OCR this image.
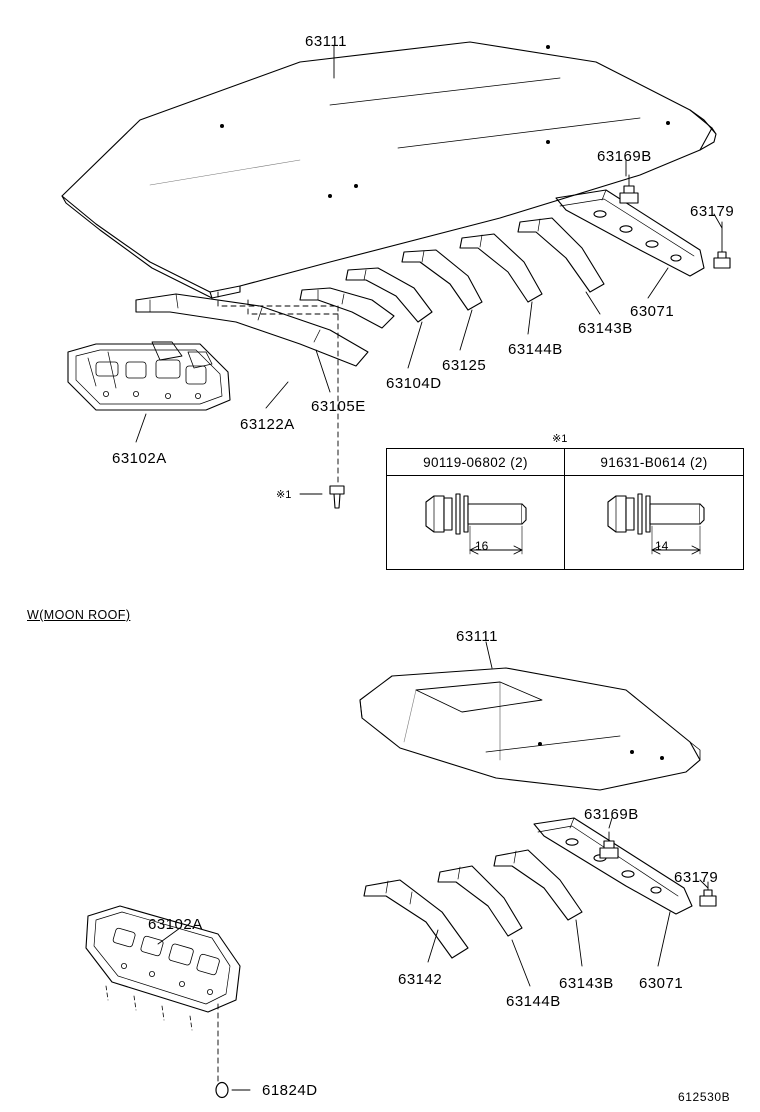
63111
63169B
63179
63071
63143B
63144B
63125
63104D
63105E
63122A
63102A
※1
※1
90119-06802 (2)	91631-B0614 (2)
16	14
W(MOON ROOF)
63111
63169B
63179
63102A
63142	63143B 63071
63144B
61824D	612530B
